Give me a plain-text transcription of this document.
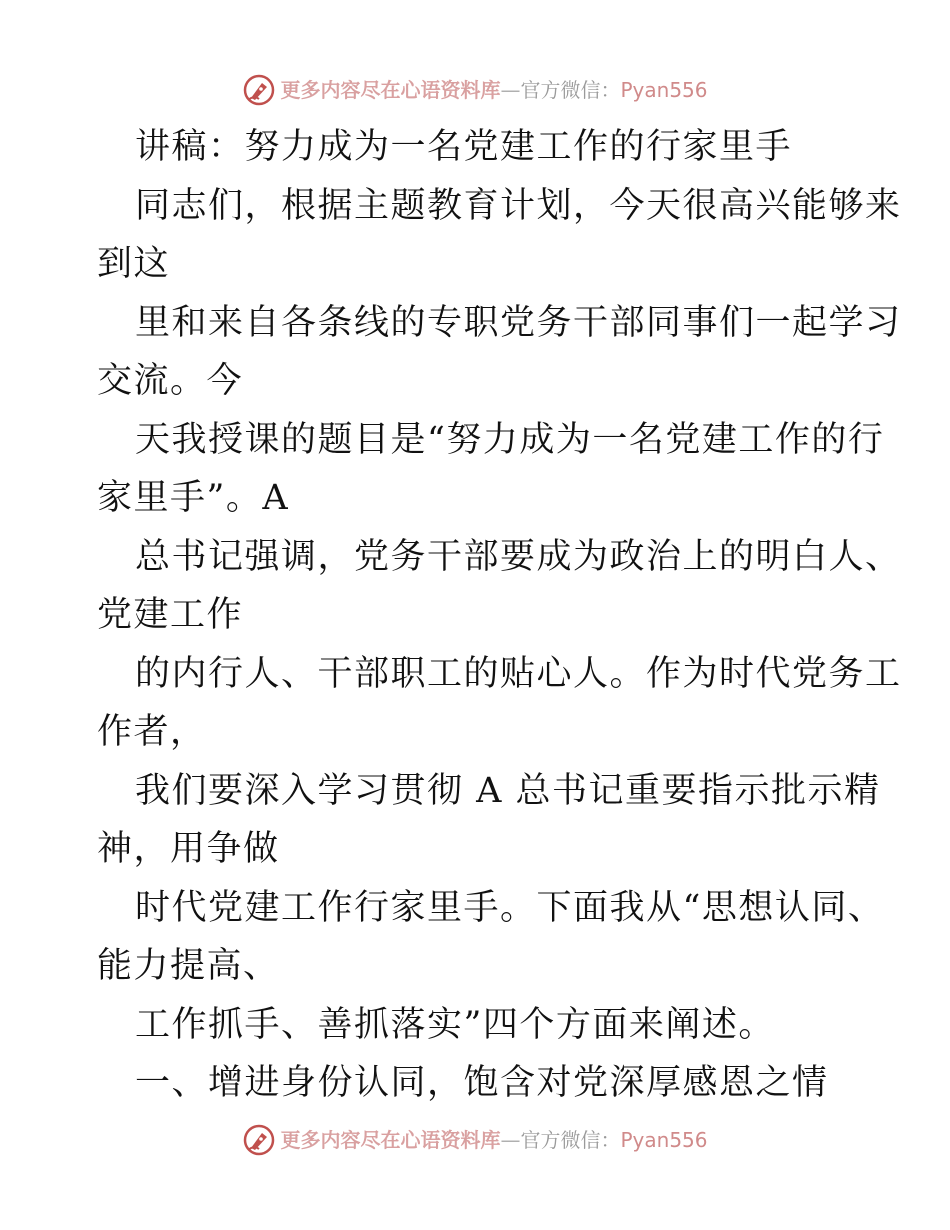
更多内容尽在心语资料库—官方微信：Pyan556
讲稿：努力成为一名党建工作的行家里手
同志们，根据主题教育计划，今天很高兴能够来
到这
里和来自各条线的专职党务干部同事们一起学习
交流。今
天我授课的题目是“努力成为一名党建工作的行
家里手”。A
总书记强调，党务干部要成为政治上的明白人、
党建工作
的内行人、干部职工的贴心人。作为时代党务工
作者，
我们要深入学习贯彻 A 总书记重要指示批示精
神，用争做
时代党建工作行家里手。下面我从“思想认同、
能力提高、
工作抓手、善抓落实”四个方面来阐述。
一、增进身份认同，饱含对党深厚感恩之情
更多内容尽在心语资料库—官方微信：Pyan556
